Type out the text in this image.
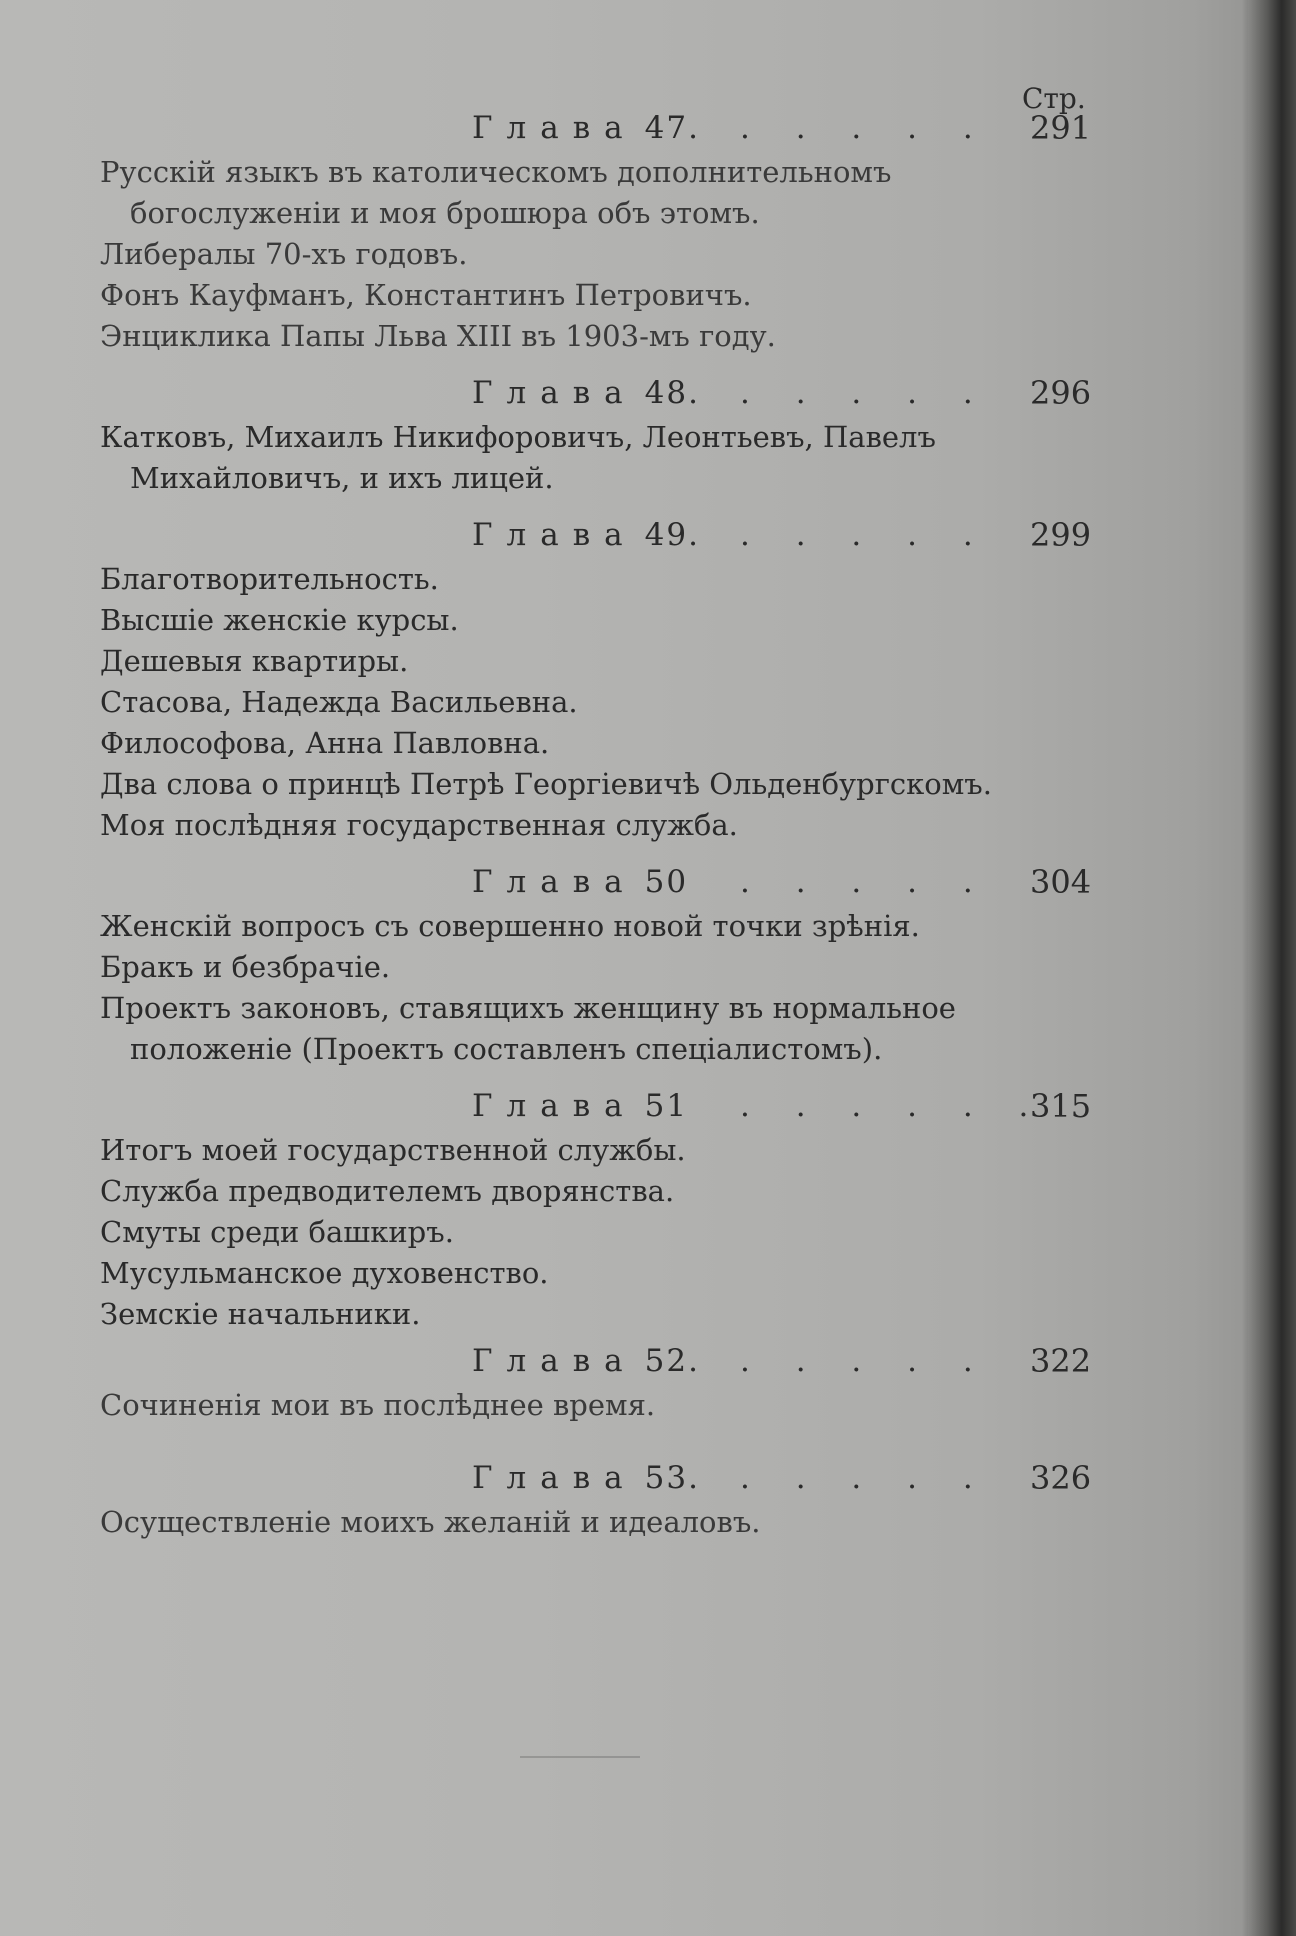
Стр.
Глава 47. . . . . . 291

Русскій языкъ въ католическомъ дополнительномъ богослуженіи и моя брошюра объ этомъ.

Либералы 70-хъ годовъ.

Фонъ Кауфманъ, Константинъ Петровичъ.

Энциклика Папы Льва XIII въ 1903-мъ году.

Глава 48. . . . . . 296

Катковъ, Михаилъ Никифоровичъ, Леонтьевъ, Павелъ Михайловичъ, и ихъ лицей.

Глава 49. . . . . . 299

Благотворительность.

Высшіе женскіе курсы.

Дешевыя квартиры.

Стасова, Надежда Васильевна.

Философова, Анна Павловна.

Два слова о принцѣ Петрѣ Георгіевичѣ Ольденбургскомъ.

Моя послѣдняя государственная служба.

Глава 50 . . . . . 304

Женскій вопросъ съ совершенно новой точки зрѣнія.

Бракъ и безбрачіе.

Проектъ законовъ, ставящихъ женщину въ нормальное положеніе (Проектъ составленъ спеціалистомъ).

Глава 51 . . . . . .
315

Итогъ моей государственной службы.

Служба предводителемъ дворянства.

Смуты среди башкиръ.

Мусульманское духовенство.

Земскіе начальники.

Глава 52. . . . . . 322

Сочиненія мои въ послѣднее время.

Глава 53. . . . . . 326

Осуществленіе моихъ желаній и идеаловъ.
